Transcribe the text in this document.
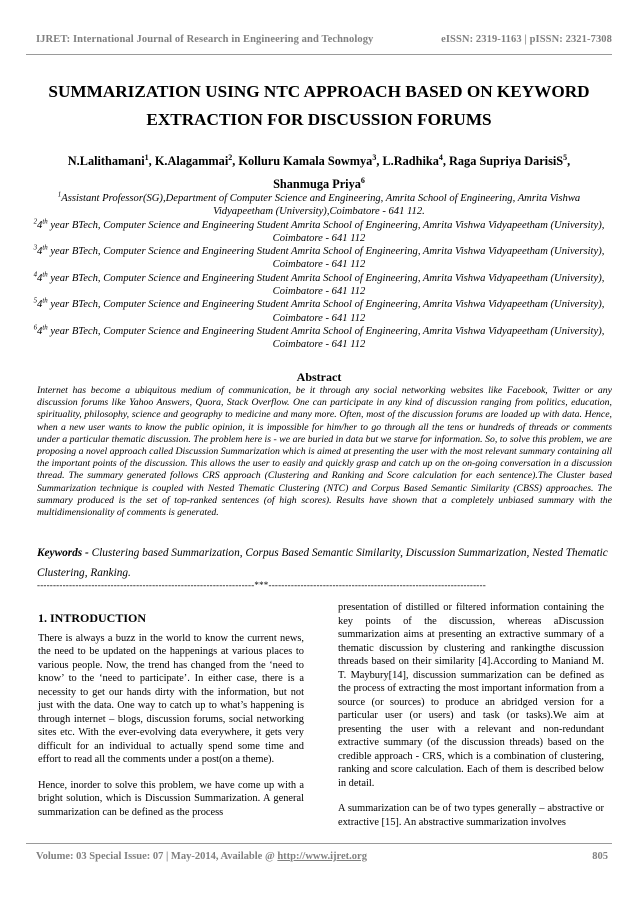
IJRET: International Journal of Research in Engineering and Technology	eISSN: 2319-1163 | pISSN: 2321-7308
SUMMARIZATION USING NTC APPROACH BASED ON KEYWORD
EXTRACTION FOR DISCUSSION FORUMS
N.Lalithamani$^1$, K.Alagammai$^2$, Kolluru Kamala Sowmya$^3$, L.Radhika$^4$, Raga Supriya DarisiS$^5$,
Shanmuga Priya$^6$
$^1$Assistant Professor(SG),Department of Computer Science and Engineering, Amrita School of Engineering, Amrita Vishwa Vidyapeetham (University),Coimbatore - 641 112.
$^2$4th year BTech, Computer Science and Engineering Student Amrita School of Engineering, Amrita Vishwa Vidyapeetham (University), Coimbatore - 641 112
$^3$4th year BTech, Computer Science and Engineering Student Amrita School of Engineering, Amrita Vishwa Vidyapeetham (University), Coimbatore - 641 112
$^4$4th year BTech, Computer Science and Engineering Student Amrita School of Engineering, Amrita Vishwa Vidyapeetham (University), Coimbatore - 641 112
$^5$4th year BTech, Computer Science and Engineering Student Amrita School of Engineering, Amrita Vishwa Vidyapeetham (University), Coimbatore - 641 112
$^6$4th year BTech, Computer Science and Engineering Student Amrita School of Engineering, Amrita Vishwa Vidyapeetham (University), Coimbatore - 641 112
Abstract
Internet has become a ubiquitous medium of communication, be it through any social networking websites like Facebook, Twitter or any discussion forums like Yahoo Answers, Quora, Stack Overflow. One can participate in any kind of discussion ranging from politics, education, spirituality, philosophy, science and geography to medicine and many more. Often, most of the discussion forums are loaded up with data. Hence, when a new user wants to know the public opinion, it is impossible for him/her to go through all the tens or hundreds of threads or comments under a particular thematic discussion. The problem here is - we are buried in data but we starve for information. So, to solve this problem, we are proposing a novel approach called Discussion Summarization which is aimed at presenting the user with the most relevant summary containing all the important points of the discussion. This allows the user to easily and quickly grasp and catch up on the on-going conversation in a discussion thread. The summary generated follows CRS approach (Clustering and Ranking and Score calculation for each sentence).The Cluster based Summarization technique is coupled with Nested Thematic Clustering (NTC) and Corpus Based Semantic Similarity (CBSS) approaches. The summary produced is the set of top-ranked sentences (of high scores). Results have shown that a completely unbiased summary with the multidimensionality of comments is generated.
Keywords - Clustering based Summarization, Corpus Based Semantic Similarity, Discussion Summarization, Nested Thematic Clustering, Ranking.
--------------------------------------------------------------------***--------------------------------------------------------------------
1. INTRODUCTION

There is always a buzz in the world to know the current news, the need to be updated on the happenings at various places to various people. Now, the trend has changed from the ‘need to know’ to the ‘need to participate’. In either case, there is a necessity to get our hands dirty with the information, but not just with the data. One way to catch up to what’s happening is through internet – blogs, discussion forums, social networking sites etc. With the ever-evolving data everywhere, it gets very difficult for an individual to actually spend some time and effort to read all the comments under a post(on a theme).

Hence, inorder to solve this problem, we have come up with a bright solution, which is Discussion Summarization. A general summarization can be defined as the process

presentation of distilled or filtered information containing the key points of the discussion, whereas aDiscussion summarization aims at presenting an extractive summary of a thematic discussion by clustering and rankingthe discussion threads based on their similarity [4].According to Maniand M. T. Maybury[14], discussion summarization can be defined as the process of extracting the most important information from a source (or sources) to produce an abridged version for a particular user (or users) and task (or tasks).We aim at presenting the user with a relevant and non-redundant extractive summary (of the discussion threads) based on the credible approach - CRS, which is a combination of clustering, ranking and score calculation. Each of them is described below in detail.

A summarization can be of two types generally – abstractive or extractive [15]. An abstractive summarization involves

Volume: 03 Special Issue: 07 | May-2014, Available @ http://www.ijret.org	805
